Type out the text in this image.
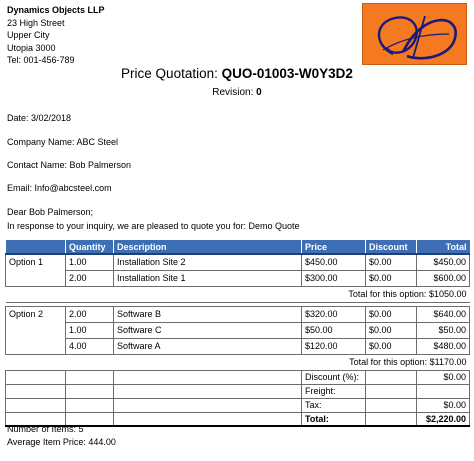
Dynamics Objects LLP
23 High Street
Upper City
Utopia 3000
Tel: 001-456-789
Price Quotation: QUO-01003-W0Y3D2
Revision: 0
Date: 3/02/2018
Company Name: ABC Steel
Contact Name: Bob Palmerson
Email: Info@abcsteel.com
Dear Bob Palmerson;
In response to your inquiry, we are pleased to quote you for: Demo Quote
	Quantity	Description	Price	Discount	Total
Option 1	1.00	Installation Site 2	$450.00	$0.00	$450.00
	2.00	Installation Site 1	$300.00	$0.00	$600.00
Total for this option: $1050.00					

Option 2	2.00	Software B	$320.00	$0.00	$640.00
	1.00	Software C	$50.00	$0.00	$50.00
	4.00	Software A	$120.00	$0.00	$480.00
Total for this option: $1170.00					
			Discount (%):		$0.00
			Freight:		
			Tax:		$0.00
			Total:		$2,220.00
Number of Items: 5
Average Item Price: 444.00
